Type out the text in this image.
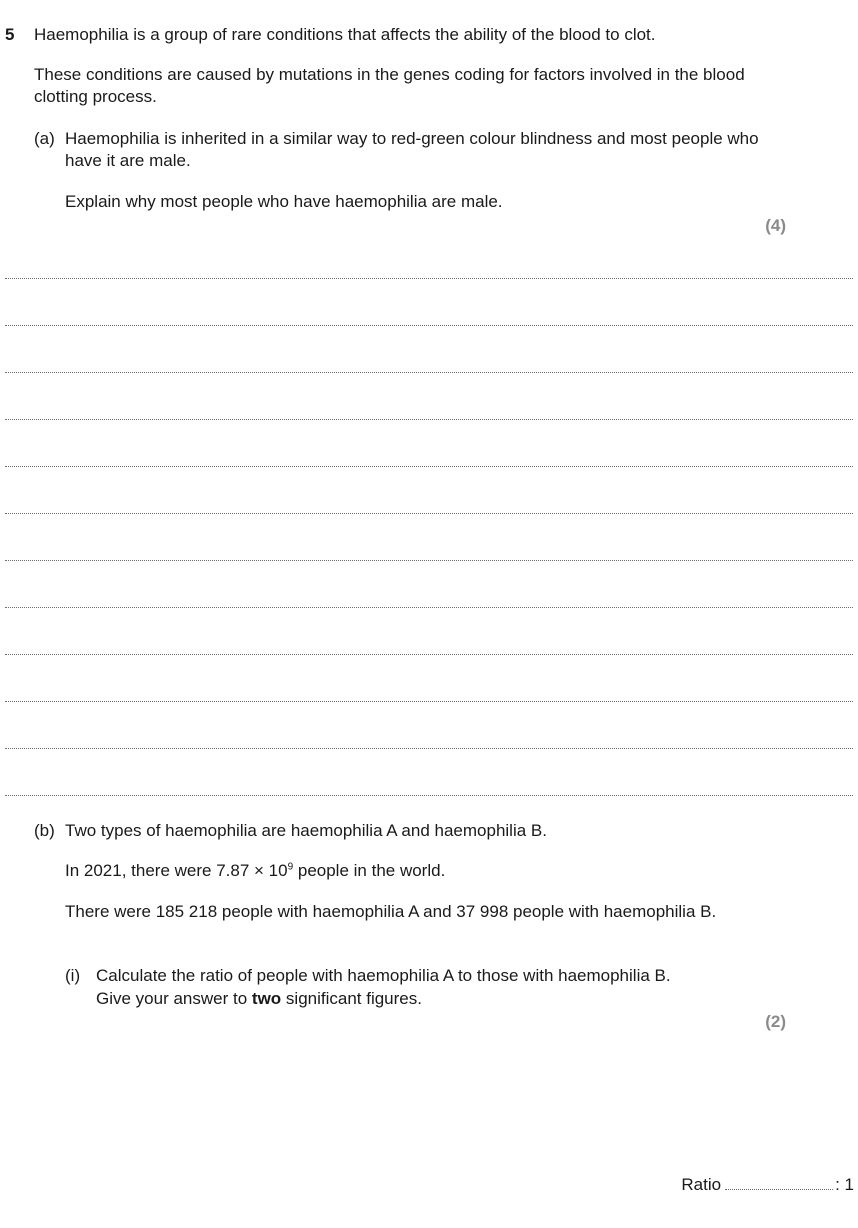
5 Haemophilia is a group of rare conditions that affects the ability of the blood to clot.
These conditions are caused by mutations in the genes coding for factors involved in the blood clotting process.
(a) Haemophilia is inherited in a similar way to red-green colour blindness and most people who have it are male.
Explain why most people who have haemophilia are male.
(4)
(b) Two types of haemophilia are haemophilia A and haemophilia B.
In 2021, there were $7.87 \times 10^9$ people in the world.
There were 185 218 people with haemophilia A and 37 998 people with haemophilia B.
(i) Calculate the ratio of people with haemophilia A to those with haemophilia B.
Give your answer to two significant figures.
(2)
Ratio	: 1
